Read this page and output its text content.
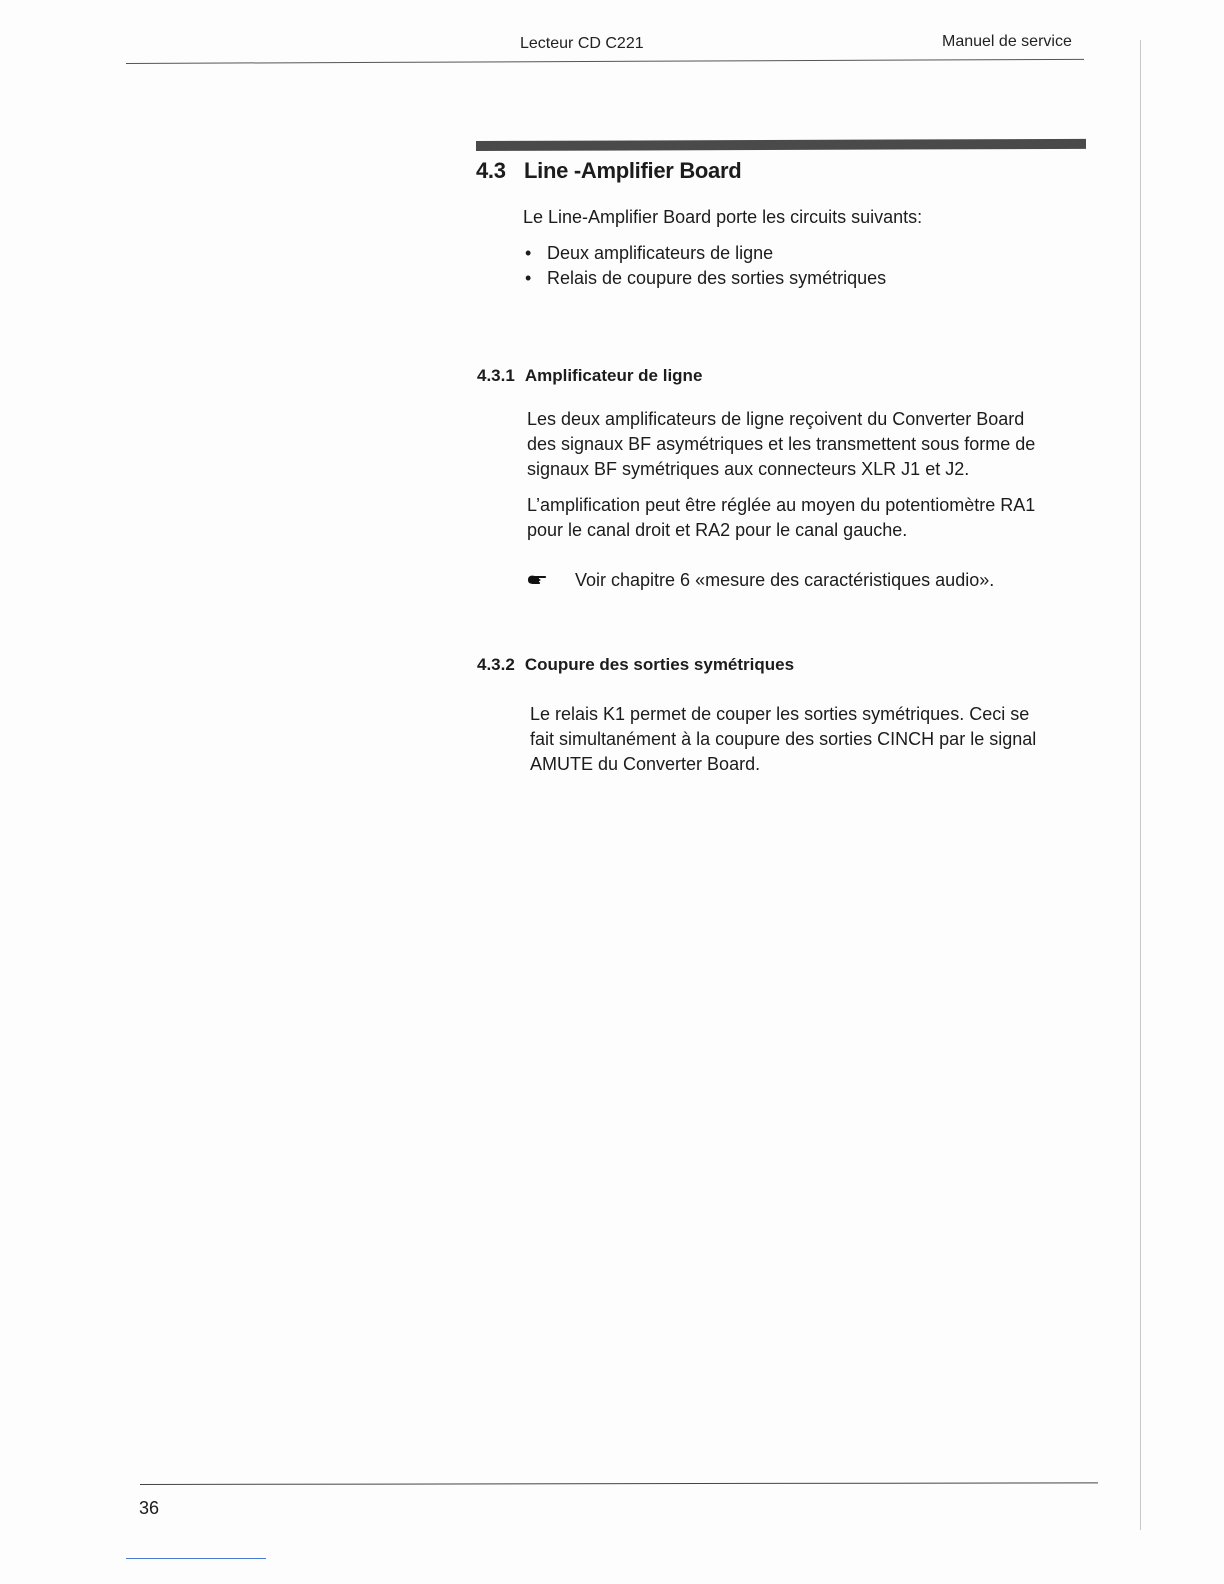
Lecteur CD C221	Manuel de service
4.3 Line -Amplifier Board

Le Line-Amplifier Board porte les circuits suivants:

• Deux amplificateurs de ligne
• Relais de coupure des sorties symétriques
4.3.1 Amplificateur de ligne
Les deux amplificateurs de ligne reçoivent du Converter Board
des signaux BF asymétriques et les transmettent sous forme de
signaux BF symétriques aux connecteurs XLR J1 et J2.
L’amplification peut être réglée au moyen du potentiomètre RA1
pour le canal droit et RA2 pour le canal gauche.
Voir chapitre 6 «mesure des caractéristiques audio».
4.3.2 Coupure des sorties symétriques
Le relais K1 permet de couper les sorties symétriques. Ceci se
fait simultanément à la coupure des sorties CINCH par le signal
AMUTE du Converter Board.
36
